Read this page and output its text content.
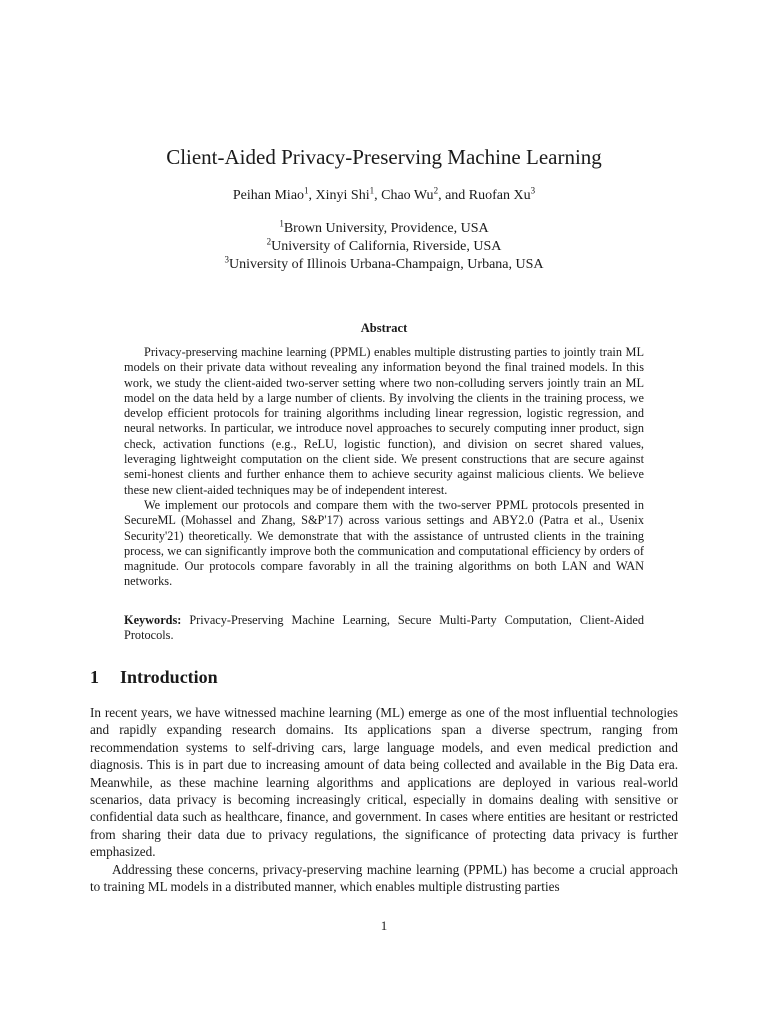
Client-Aided Privacy-Preserving Machine Learning
Peihan Miao$^1$, Xinyi Shi$^1$, Chao Wu$^2$, and Ruofan Xu$^3$
$^1$Brown University, Providence, USA
$^2$University of California, Riverside, USA
$^3$University of Illinois Urbana-Champaign, Urbana, USA
Abstract

Privacy-preserving machine learning (PPML) enables multiple distrusting parties to jointly train ML models on their private data without revealing any information beyond the final trained models. In this work, we study the client-aided two-server setting where two non-colluding servers jointly train an ML model on the data held by a large number of clients. By involving the clients in the training process, we develop efficient protocols for training algorithms including linear regression, logistic regression, and neural networks. In particular, we introduce novel approaches to securely computing inner product, sign check, activation functions (e.g., ReLU, logistic function), and division on secret shared values, leveraging lightweight computation on the client side. We present constructions that are secure against semi-honest clients and further enhance them to achieve security against malicious clients. We believe these new client-aided techniques may be of independent interest.

We implement our protocols and compare them with the two-server PPML protocols presented in SecureML (Mohassel and Zhang, S&P'17) across various settings and ABY2.0 (Patra et al., Usenix Security'21) theoretically. We demonstrate that with the assistance of untrusted clients in the training process, we can significantly improve both the communication and computational efficiency by orders of magnitude. Our protocols compare favorably in all the training algorithms on both LAN and WAN networks.

Keywords: Privacy-Preserving Machine Learning, Secure Multi-Party Computation, Client-Aided Protocols.
1 Introduction

In recent years, we have witnessed machine learning (ML) emerge as one of the most influential technologies and rapidly expanding research domains. Its applications span a diverse spectrum, ranging from recommendation systems to self-driving cars, large language models, and even medical prediction and diagnosis. This is in part due to increasing amount of data being collected and available in the Big Data era. Meanwhile, as these machine learning algorithms and applications are deployed in various real-world scenarios, data privacy is becoming increasingly critical, especially in domains dealing with sensitive or confidential data such as healthcare, finance, and government. In cases where entities are hesitant or restricted from sharing their data due to privacy regulations, the significance of protecting data privacy is further emphasized.

Addressing these concerns, privacy-preserving machine learning (PPML) has become a crucial approach to training ML models in a distributed manner, which enables multiple distrusting parties

1
